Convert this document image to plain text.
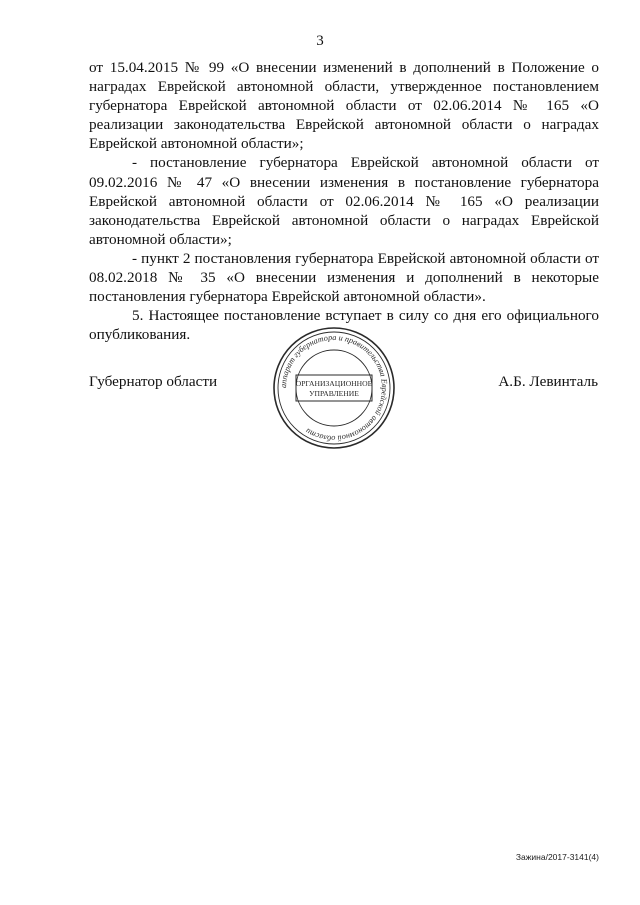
3

от 15.04.2015 № 99 «О внесении изменений в дополнений в Положение о наградах Еврейской автономной области, утвержденное постановлением губернатора Еврейской автономной области от 02.06.2014 № 165 «О реализации законодательства Еврейской автономной области о наградах Еврейской автономной области»;

- постановление губернатора Еврейской автономной области от 09.02.2016 № 47 «О внесении изменения в постановление губернатора Еврейской автономной области от 02.06.2014 № 165 «О реализации законодательства Еврейской автономной области о наградах Еврейской автономной области»;

- пункт 2 постановления губернатора Еврейской автономной области от 08.02.2018 № 35 «О внесении изменения и дополнений в некоторые постановления губернатора Еврейской автономной области».

5. Настоящее постановление вступает в силу со дня его официального опубликования.

Губернатор области	аппарат губернатора и правительства Еврейской автономной области
ОРГАНИЗАЦИОННОЕ
УПРАВЛЕНИЕ
А.Б. Левинталь
Зажина/2017-3141(4)
